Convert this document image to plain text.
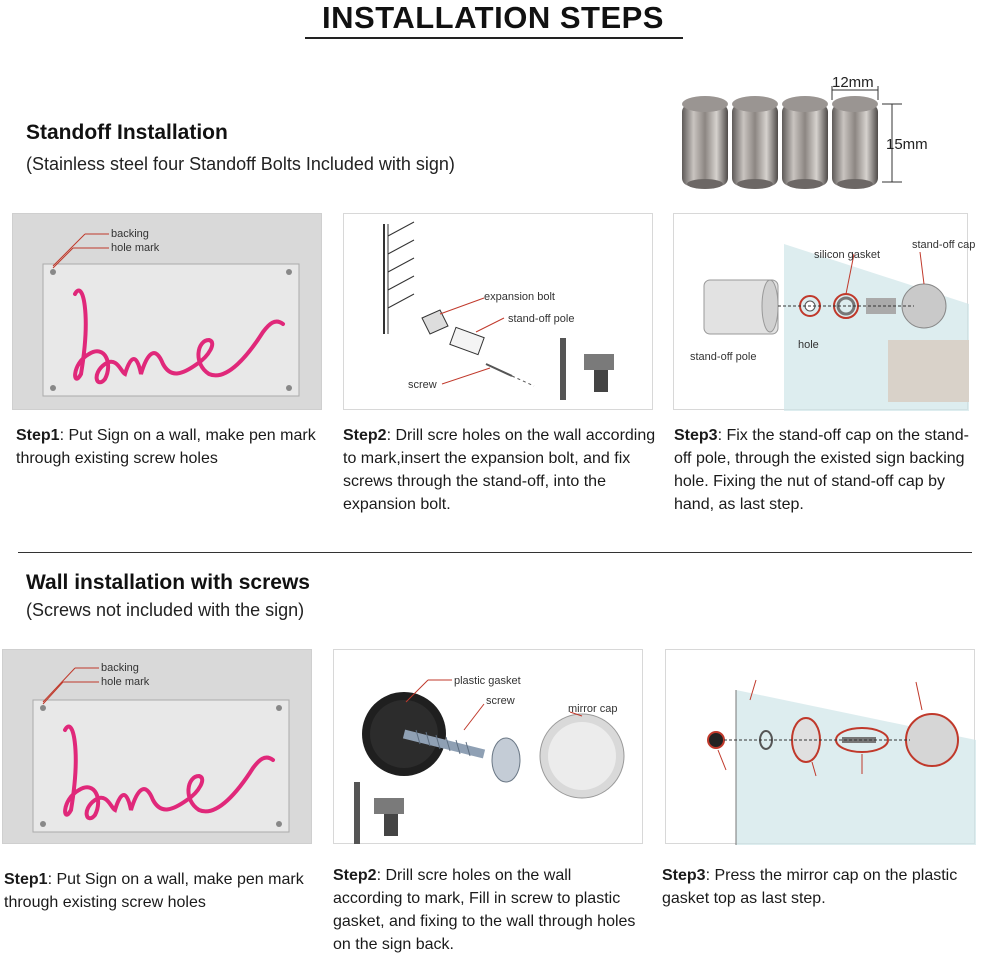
INSTALLATION STEPS
Standoff Installation
(Stainless steel four Standoff Bolts Included with sign)
12mm
15mm
backing
hole mark
expansion bolt
stand-off pole
screw
silicon gasket
stand-off cap
stand-off pole
hole
Step1: Put Sign on a wall, make pen mark through existing screw holes
Step2: Drill scre holes on the wall according to mark,insert the expansion bolt, and fix screws through the stand-off, into the expansion bolt.
Step3: Fix the stand-off cap on the stand-off pole, through the existed sign backing hole. Fixing the nut of stand-off cap by hand, as last step.
Wall installation with screws
(Screws not included with the sign)
backing
hole mark	plastic gasket
screw
mirror cap
Step1: Put Sign on a wall, make pen mark through existing screw holes
Step2: Drill scre holes on the wall according to mark, Fill in screw to plastic gasket, and fixing to the wall through holes on the sign back.
Step3: Press the mirror cap on the plastic gasket top as last step.
